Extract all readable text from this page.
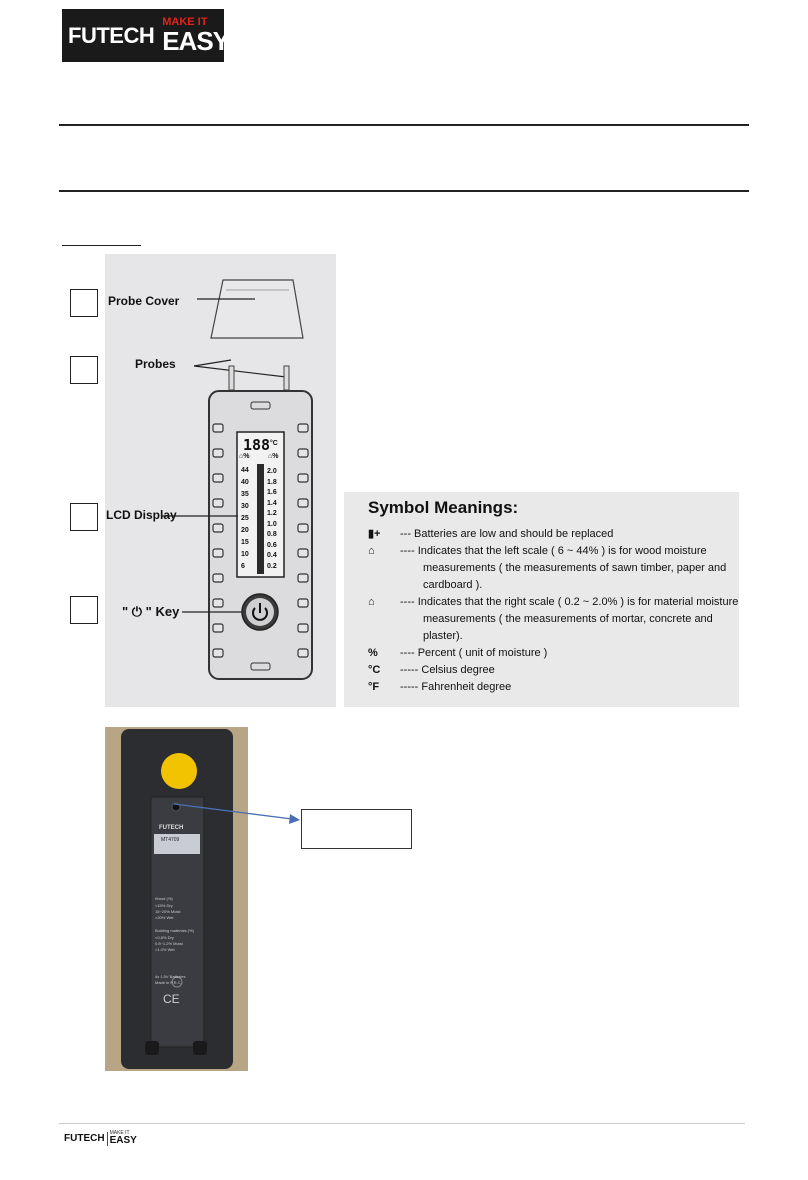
FUTECH
MAKE IT
EASY
Probe Cover
Probes
LCD Display
" ⏻ " Key
188 °C
⌂%	⌂%
44
40
35
30
25
20
15
10
6
2.0
1.8
1.6
1.4
1.2
1.0
0.8
0.6
0.4
0.2
Symbol Meanings:
▮+	--- Batteries are low and should be replaced
⌂	---- Indicates that the left scale ( 6 ~ 44% ) is for wood moisture
measurements ( the measurements of sawn timber, paper and
cardboard ).
⌂	---- Indicates that the right scale ( 0.2 ~ 2.0% ) is for material moisture
measurements ( the measurements of mortar, concrete and
plaster).
%	---- Percent ( unit of moisture )
°C	----- Celsius degree
°F	----- Fahrenheit degree
FUTECH
MT4709
Wood (%)
<15% Dry
15~20% Moist
>20% Wet
Building materials (%)
<0.8% Dry
0.8~1.2% Moist
>1.0% Wet
4x 1.5V Batteries
Made in P.R.C.
CE
FUTECH MAKE IT
EASY
